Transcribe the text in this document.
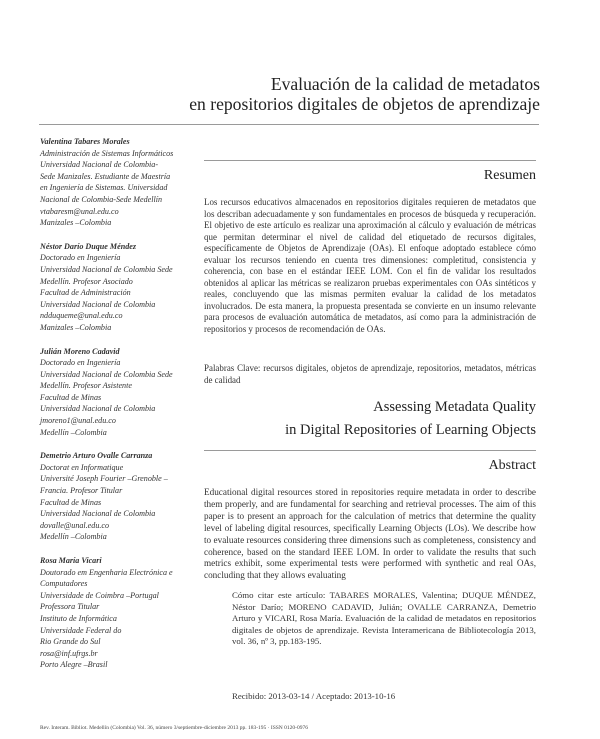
Evaluación de la calidad de metadatos
en repositorios digitales de objetos de aprendizaje
Valentina Tabares Morales
Administración de Sistemas Informáticos
Universidad Nacional de Colombia-
Sede Manizales. Estudiante de Maestría
en Ingeniería de Sistemas. Universidad
Nacional de Colombia-Sede Medellín
vtabaresm@unal.edu.co
Manizales –Colombia
Néstor Darío Duque Méndez
Doctorado en Ingeniería
Universidad Nacional de Colombia Sede
Medellín. Profesor Asociado
Facultad de Administración
Universidad Nacional de Colombia
ndduqueme@unal.edu.co
Manizales –Colombia
Julián Moreno Cadavid
Doctorado en Ingeniería
Universidad Nacional de Colombia Sede
Medellín. Profesor Asistente
Facultad de Minas
Universidad Nacional de Colombia
jmoreno1@unal.edu.co
Medellín –Colombia
Demetrio Arturo Ovalle Carranza
Doctorat en Informatique
Université Joseph Fourier –Grenoble –
Francia. Profesor Titular
Facultad de Minas
Universidad Nacional de Colombia
dovalle@unal.edu.co
Medellín –Colombia
Rosa María Vicari
Doutorado em Engenharia Electrónica e
Computadores
Universidade de Coimbra –Portugal
Professora Titular
Instituto de Informática
Universidade Federal do
Rio Grande do Sul
rosa@inf.ufrgs.br
Porto Alegre –Brasil
Resumen
Los recursos educativos almacenados en repositorios digitales requieren de metadatos que los describan adecuadamente y son fundamentales en procesos de búsqueda y recuperación. El objetivo de este artículo es realizar una aproximación al cálculo y evaluación de métricas que permitan determinar el nivel de calidad del etiquetado de recursos digitales, específicamente de Objetos de Aprendizaje (OAs). El enfoque adoptado establece cómo evaluar los recursos teniendo en cuenta tres dimensiones: completitud, consistencia y coherencia, con base en el estándar IEEE LOM. Con el fin de validar los resultados obtenidos al aplicar las métricas se realizaron pruebas experimentales con OAs sintéticos y reales, concluyendo que las mismas permiten evaluar la calidad de los metadatos involucrados. De esta manera, la propuesta presentada se convierte en un insumo relevante para procesos de evaluación automática de metadatos, así como para la administración de repositorios y procesos de recomendación de OAs.
Palabras Clave: recursos digitales, objetos de aprendizaje, repositorios, metadatos, métricas de calidad
Assessing Metadata Quality
in Digital Repositories of Learning Objects
Abstract
Educational digital resources stored in repositories require metadata in order to describe them properly, and are fundamental for searching and retrieval processes. The aim of this paper is to present an approach for the calculation of metrics that determine the quality level of labeling digital resources, specifically Learning Objects (LOs). We describe how to evaluate resources considering three dimensions such as completeness, consistency and coherence, based on the standard IEEE LOM. In order to validate the results that such metrics exhibit, some experimental tests were performed with synthetic and real OAs, concluding that they allows evaluating
Cómo citar este artículo: TABARES MORALES, Valentina; DUQUE MÉNDEZ, Néstor Darío; MORENO CADAVID, Julián; OVALLE CARRANZA, Demetrio Arturo y VICARI, Rosa María. Evaluación de la calidad de metadatos en repositorios digitales de objetos de aprendizaje. Revista Interamericana de Bibliotecología 2013, vol. 36, nº 3, pp.183-195.
Recibido: 2013-03-14 / Aceptado: 2013-10-16
Rev. Interam. Bibliot. Medellín (Colombia) Vol. 36, número 3/septiembre-diciembre 2013 pp. 183-195 · ISSN 0120-0976
